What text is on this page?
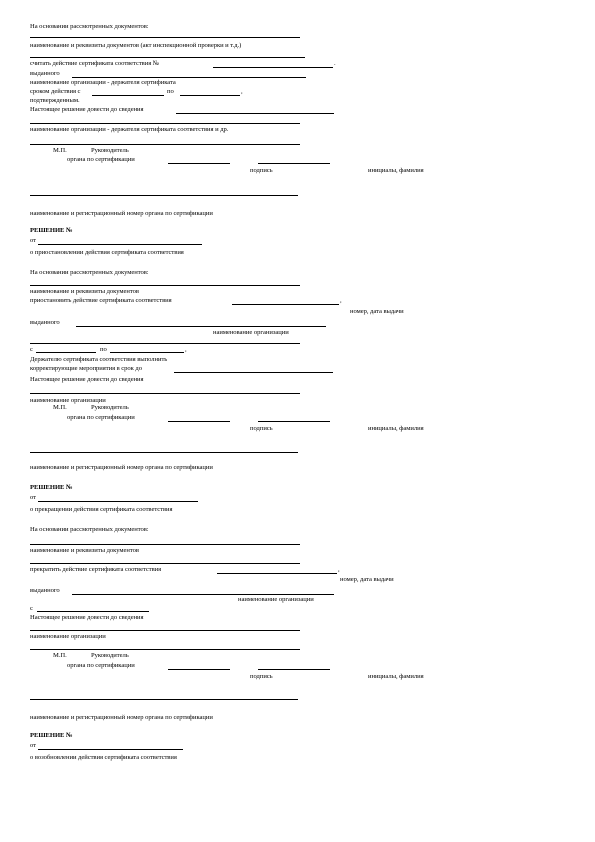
На основании рассмотренных документов:
наименование и реквизиты документов (акт инспекционной проверки и т.д.)
считать действие сертификата соответствия №	.
выданного
наименование организации - держателя сертификата
сроком действия с	по	,
подтвержденным.
Настоящее решение довести до сведения
наименование организации - держателя сертификата соответствия и др.
М.П.	Руководитель
органа по сертификации
подпись	инициалы, фамилия
наименование и регистрационный номер органа по сертификации
РЕШЕНИЕ №
от
о приостановлении действия сертификата соответствия
На основании рассмотренных документов:
наименование и реквизиты документов
приостановить действие сертификата соответствия	,
номер, дата выдачи
выданного
наименование организации
с	по	,
Держателю сертификата соответствия выполнить
корректирующие мероприятия в срок до
Настоящее решение довести до сведения
наименование организации
М.П.	Руководитель
органа по сертификации
подпись	инициалы, фамилия
наименование и регистрационный номер органа по сертификации
РЕШЕНИЕ №
от
о прекращении действия сертификата соответствия
На основании рассмотренных документов:
наименование и реквизиты документов
прекратить действие сертификата соответствия	,
номер, дата выдачи
выданного
наименование организации
с
Настоящее решение довести до сведения
наименование организации
М.П.	Руководитель
органа по сертификации
подпись	инициалы, фамилия
наименование и регистрационный номер органа по сертификации
РЕШЕНИЕ №
от
о возобновлении действия сертификата соответствия
